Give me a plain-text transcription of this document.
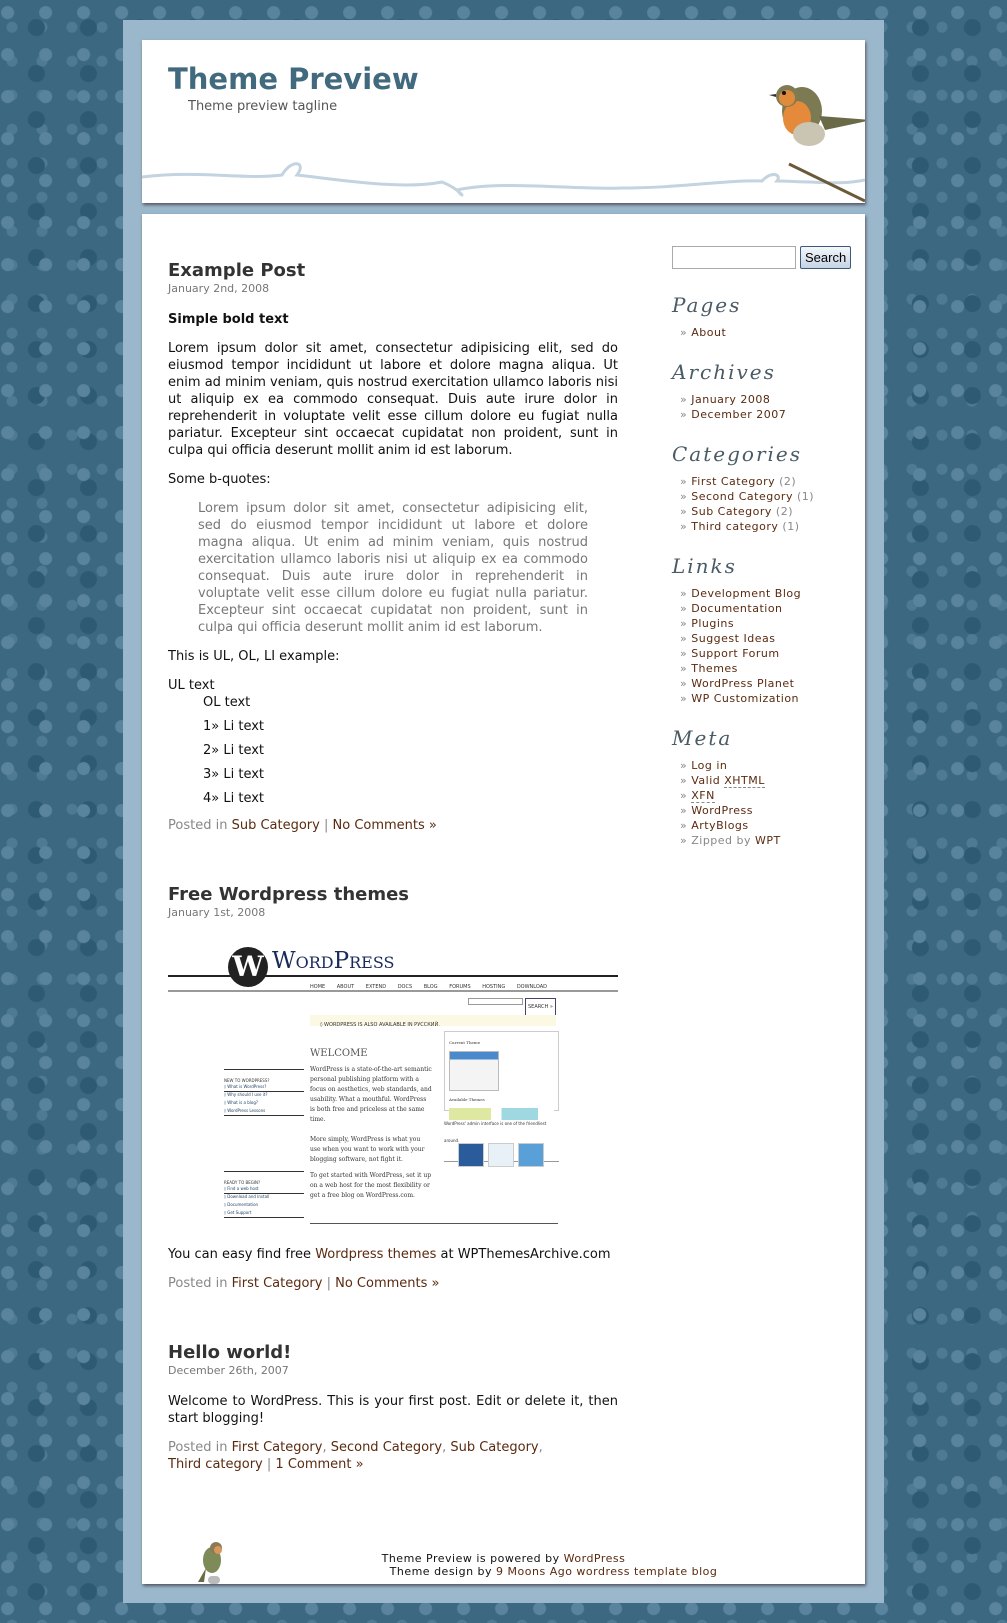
Theme Preview
Theme preview tagline
Example Post
January 2nd, 2008

Simple bold text

Lorem ipsum dolor sit amet, consectetur adipisicing elit, sed do eiusmod tempor incididunt ut labore et dolore magna aliqua. Ut enim ad minim veniam, quis nostrud exercitation ullamco laboris nisi ut aliquip ex ea commodo consequat. Duis aute irure dolor in reprehenderit in voluptate velit esse cillum dolore eu fugiat nulla pariatur. Excepteur sint occaecat cupidatat non proident, sunt in culpa qui officia deserunt mollit anim id est laborum.

Some b-quotes:

Lorem ipsum dolor sit amet, consectetur adipisicing elit, sed do eiusmod tempor incididunt ut labore et dolore magna aliqua. Ut enim ad minim veniam, quis nostrud exercitation ullamco laboris nisi ut aliquip ex ea commodo consequat. Duis aute irure dolor in reprehenderit in voluptate velit esse cillum dolore eu fugiat nulla pariatur. Excepteur sint occaecat cupidatat non proident, sunt in culpa qui officia deserunt mollit anim id est laborum.

This is UL, OL, LI example:

UL text
OL text
1» Li text
2» Li text
3» Li text
4» Li text
Posted in Sub Category | No Comments »
Free Wordpress themes
January 1st, 2008
W WordPress
HOME ABOUT EXTEND DOCS BLOG FORUMS HOSTING DOWNLOAD
SEARCH »
◊ WORDPRESS IS ALSO AVAILABLE IN РУССКИЙ.
WELCOME
WordPress is a state-of-the-art semantic personal publishing platform with a focus on aesthetics, web standards, and usability. What a mouthful. WordPress is both free and priceless at the same time.
More simply, WordPress is what you use when you want to work with your blogging software, not fight it.
To get started with WordPress, set it up on a web host for the most flexibility or get a free blog on WordPress.com.
NEW TO WORDPRESS?
◊ What is WordPress?
◊ Why should I use it?
◊ What is a blog?
◊ WordPress Lessons
READY TO BEGIN?
◊ Find a web host
◊ Download and Install
◊ Documentation
◊ Get Support
Current Theme
Available Themes
WordPress' admin interface is one of the friendliest around.

You can easy find free Wordpress themes at WPThemesArchive.com

Posted in First Category | No Comments »
Hello world!
December 26th, 2007

Welcome to WordPress. This is your first post. Edit or delete it, then start blogging!

Posted in First Category, Second Category, Sub Category, Third category | 1 Comment »
Search
Pages
» About
Archives
» January 2008
» December 2007
Categories
» First Category (2)
» Second Category (1)
» Sub Category (2)
» Third category (1)
Links
» Development Blog
» Documentation
» Plugins
» Suggest Ideas
» Support Forum
» Themes
» WordPress Planet
» WP Customization
Meta
» Log in
» Valid XHTML
» XFN
» WordPress
» ArtyBlogs
» Zipped by WPT
Theme Preview is powered by WordPress
Theme design by 9 Moons Ago wordress template blog
